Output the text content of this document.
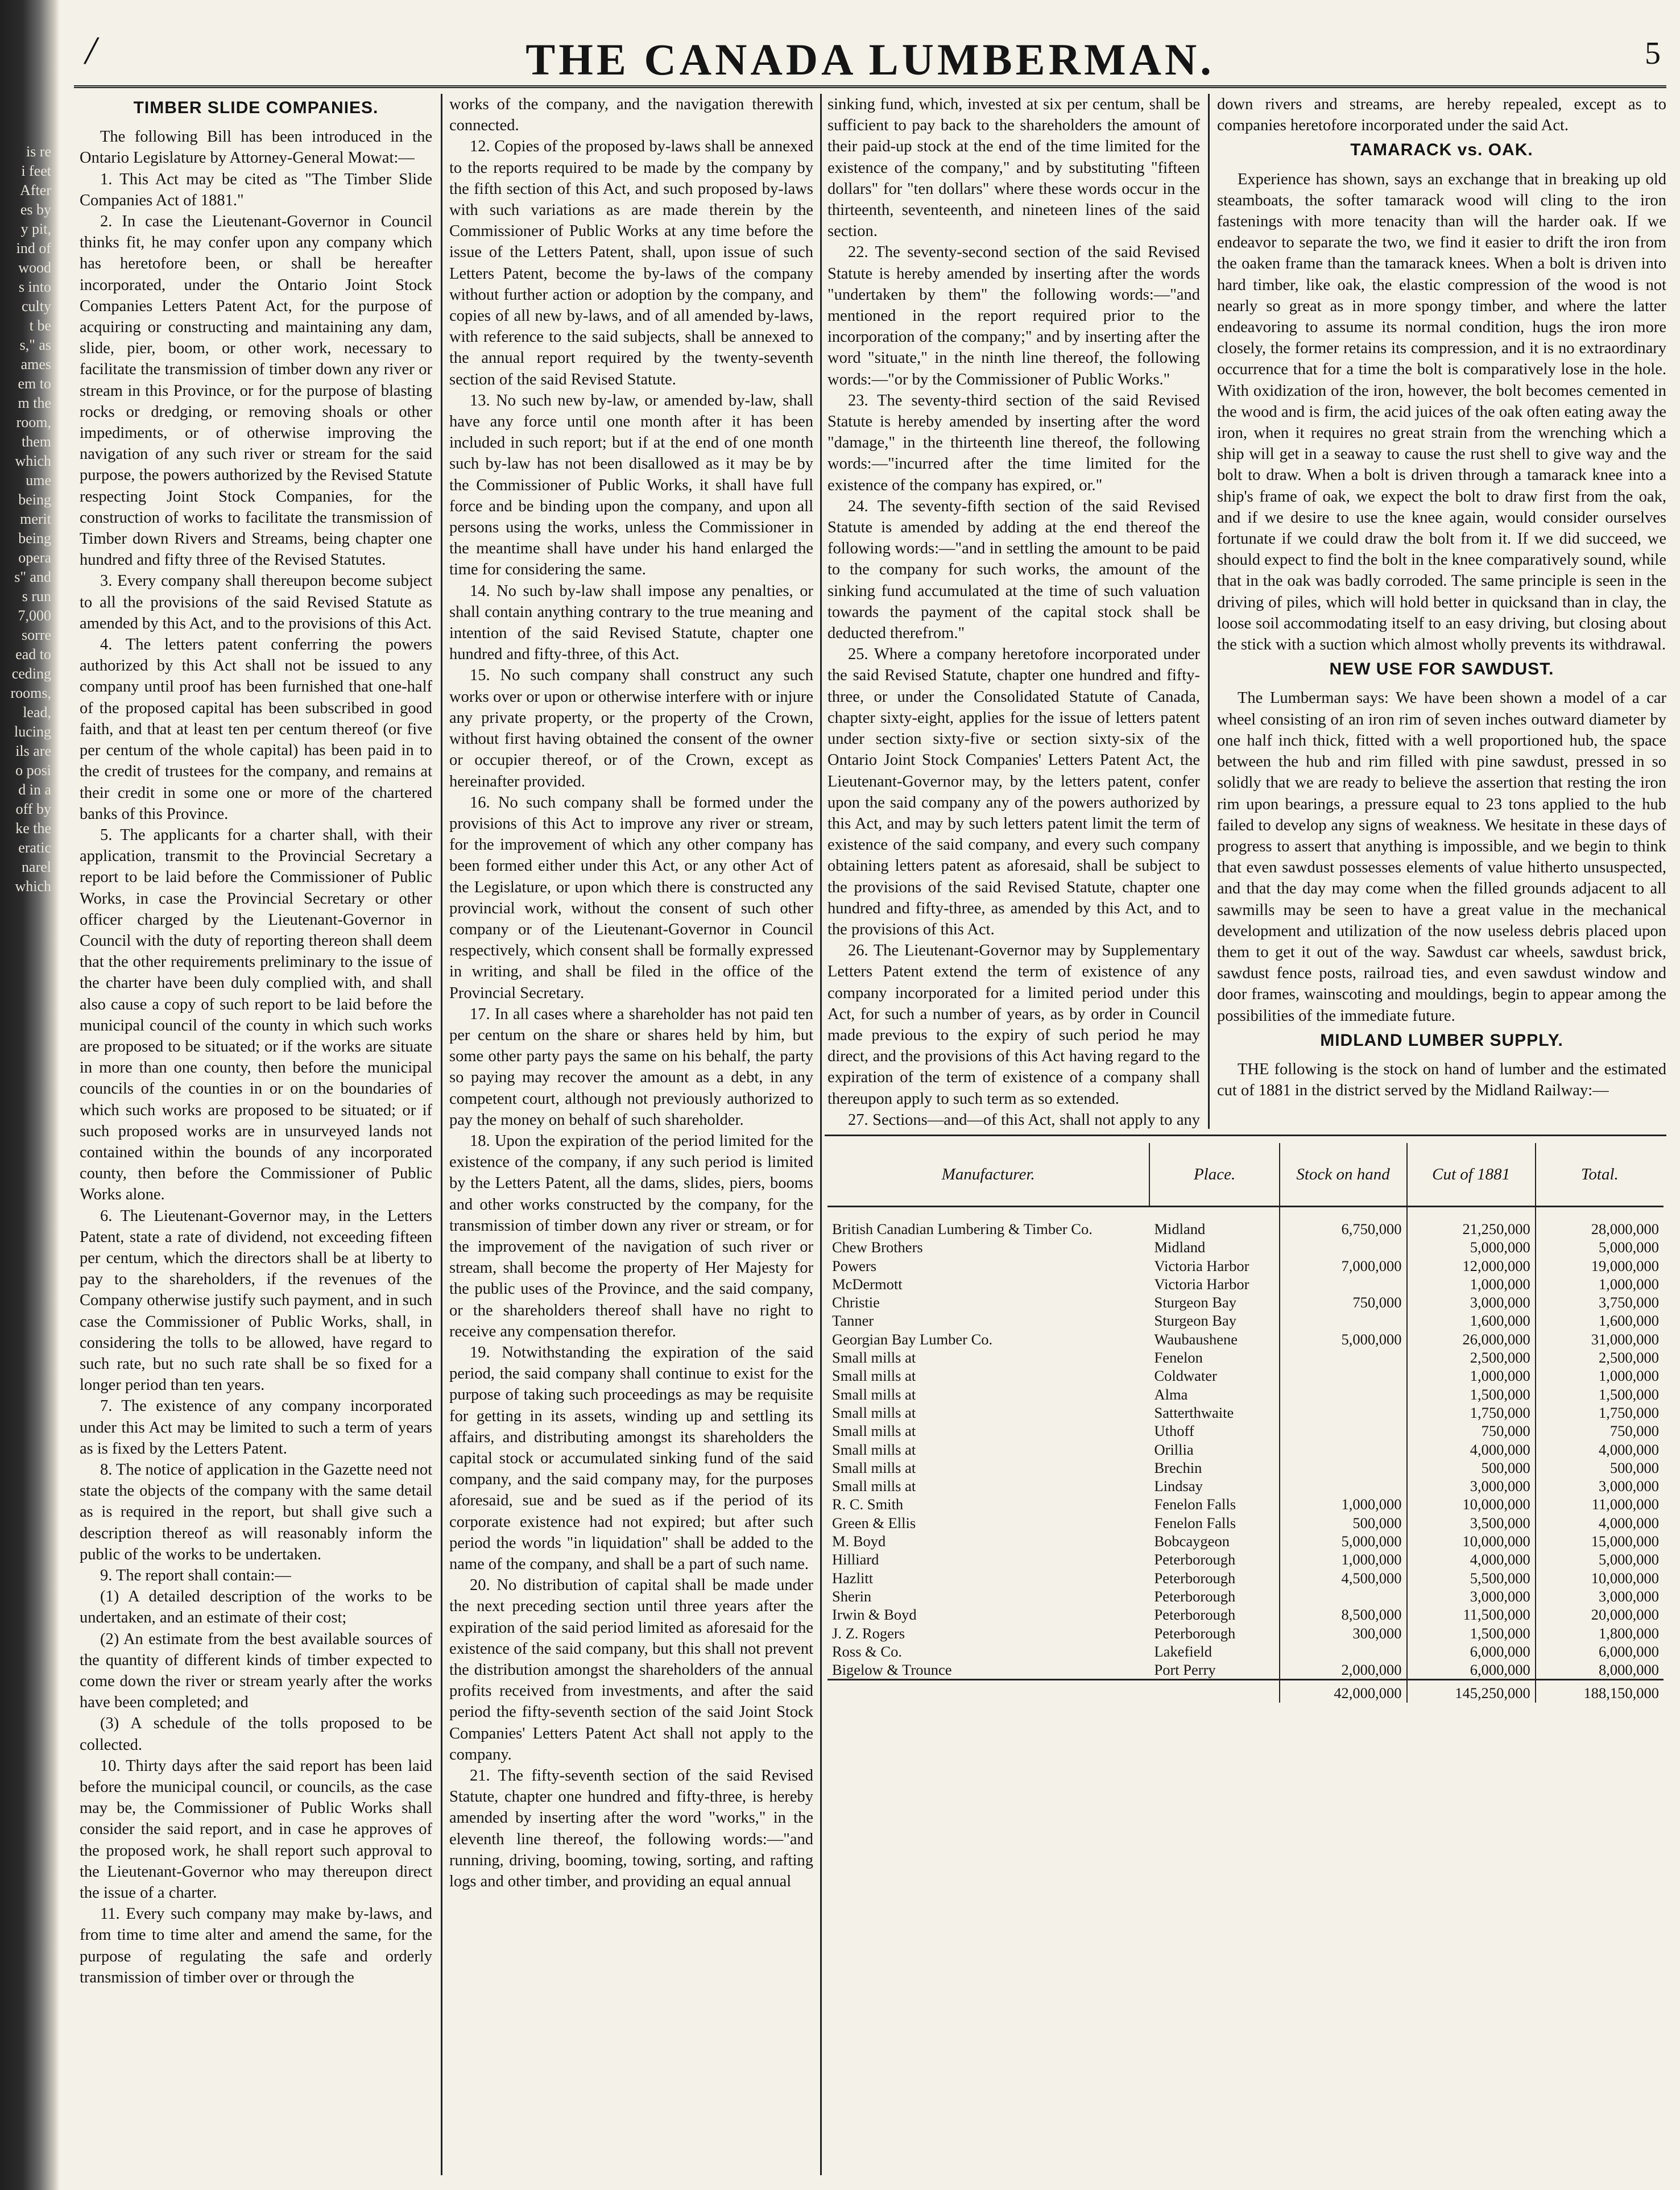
is re
i feet
After
es by
y pit,
ind of
wood
s into
culty
t be
s," as
ames
em to
m the
room,
them
which
ume
being
merit
being
opera
s" and
s run
7,000
sorre
ead to
ceding
rooms,
lead,
lucing
ils are
o posi
d in a
off by
ke the
eratic
narel
which
/	THE CANADA LUMBERMAN.	5
TIMBER SLIDE COMPANIES.

The following Bill has been introduced in the Ontario Legislature by Attorney-General Mowat:—

1. This Act may be cited as "The Timber Slide Companies Act of 1881."

2. In case the Lieutenant-Governor in Council thinks fit, he may confer upon any company which has heretofore been, or shall be hereafter incorporated, under the Ontario Joint Stock Companies Letters Patent Act, for the purpose of acquiring or constructing and maintaining any dam, slide, pier, boom, or other work, necessary to facilitate the transmission of timber down any river or stream in this Province, or for the purpose of blasting rocks or dredging, or removing shoals or other impediments, or of otherwise improving the navigation of any such river or stream for the said purpose, the powers authorized by the Revised Statute respecting Joint Stock Companies, for the construction of works to facilitate the transmission of Timber down Rivers and Streams, being chapter one hundred and fifty three of the Revised Statutes.

3. Every company shall thereupon become subject to all the provisions of the said Revised Statute as amended by this Act, and to the provisions of this Act.

4. The letters patent conferring the powers authorized by this Act shall not be issued to any company until proof has been furnished that one-half of the proposed capital has been subscribed in good faith, and that at least ten per centum thereof (or five per centum of the whole capital) has been paid in to the credit of trustees for the company, and remains at their credit in some one or more of the chartered banks of this Province.

5. The applicants for a charter shall, with their application, transmit to the Provincial Secretary a report to be laid before the Commissioner of Public Works, in case the Provincial Secretary or other officer charged by the Lieutenant-Governor in Council with the duty of reporting thereon shall deem that the other requirements preliminary to the issue of the charter have been duly complied with, and shall also cause a copy of such report to be laid before the municipal council of the county in which such works are proposed to be situated; or if the works are situate in more than one county, then before the municipal councils of the counties in or on the boundaries of which such works are proposed to be situated; or if such proposed works are in unsurveyed lands not contained within the bounds of any incorporated county, then before the Commissioner of Public Works alone.

6. The Lieutenant-Governor may, in the Letters Patent, state a rate of dividend, not exceeding fifteen per centum, which the directors shall be at liberty to pay to the shareholders, if the revenues of the Company otherwise justify such payment, and in such case the Commissioner of Public Works, shall, in considering the tolls to be allowed, have regard to such rate, but no such rate shall be so fixed for a longer period than ten years.

7. The existence of any company incorporated under this Act may be limited to such a term of years as is fixed by the Letters Patent.

8. The notice of application in the Gazette need not state the objects of the company with the same detail as is required in the report, but shall give such a description thereof as will reasonably inform the public of the works to be undertaken.

9. The report shall contain:—

(1) A detailed description of the works to be undertaken, and an estimate of their cost;

(2) An estimate from the best available sources of the quantity of different kinds of timber expected to come down the river or stream yearly after the works have been completed; and

(3) A schedule of the tolls proposed to be collected.

10. Thirty days after the said report has been laid before the municipal council, or councils, as the case may be, the Commissioner of Public Works shall consider the said report, and in case he approves of the proposed work, he shall report such approval to the Lieutenant-Governor who may thereupon direct the issue of a charter.

11. Every such company may make by-laws, and from time to time alter and amend the same, for the purpose of regulating the safe and orderly transmission of timber over or through the

works of the company, and the navigation therewith connected.

12. Copies of the proposed by-laws shall be annexed to the reports required to be made by the company by the fifth section of this Act, and such proposed by-laws with such variations as are made therein by the Commissioner of Public Works at any time before the issue of the Letters Patent, shall, upon issue of such Letters Patent, become the by-laws of the company without further action or adoption by the company, and copies of all new by-laws, and of all amended by-laws, with reference to the said subjects, shall be annexed to the annual report required by the twenty-seventh section of the said Revised Statute.

13. No such new by-law, or amended by-law, shall have any force until one month after it has been included in such report; but if at the end of one month such by-law has not been disallowed as it may be by the Commissioner of Public Works, it shall have full force and be binding upon the company, and upon all persons using the works, unless the Commissioner in the meantime shall have under his hand enlarged the time for considering the same.

14. No such by-law shall impose any penalties, or shall contain anything contrary to the true meaning and intention of the said Revised Statute, chapter one hundred and fifty-three, of this Act.

15. No such company shall construct any such works over or upon or otherwise interfere with or injure any private property, or the property of the Crown, without first having obtained the consent of the owner or occupier thereof, or of the Crown, except as hereinafter provided.

16. No such company shall be formed under the provisions of this Act to improve any river or stream, for the improvement of which any other company has been formed either under this Act, or any other Act of the Legislature, or upon which there is constructed any provincial work, without the consent of such other company or of the Lieutenant-Governor in Council respectively, which consent shall be formally expressed in writing, and shall be filed in the office of the Provincial Secretary.

17. In all cases where a shareholder has not paid ten per centum on the share or shares held by him, but some other party pays the same on his behalf, the party so paying may recover the amount as a debt, in any competent court, although not previously authorized to pay the money on behalf of such shareholder.

18. Upon the expiration of the period limited for the existence of the company, if any such period is limited by the Letters Patent, all the dams, slides, piers, booms and other works constructed by the company, for the transmission of timber down any river or stream, or for the improvement of the navigation of such river or stream, shall become the property of Her Majesty for the public uses of the Province, and the said company, or the shareholders thereof shall have no right to receive any compensation therefor.

19. Notwithstanding the expiration of the said period, the said company shall continue to exist for the purpose of taking such proceedings as may be requisite for getting in its assets, winding up and settling its affairs, and distributing amongst its shareholders the capital stock or accumulated sinking fund of the said company, and the said company may, for the purposes aforesaid, sue and be sued as if the period of its corporate existence had not expired; but after such period the words "in liquidation" shall be added to the name of the company, and shall be a part of such name.

20. No distribution of capital shall be made under the next preceding section until three years after the expiration of the said period limited as aforesaid for the existence of the said company, but this shall not prevent the distribution amongst the shareholders of the annual profits received from investments, and after the said period the fifty-seventh section of the said Joint Stock Companies' Letters Patent Act shall not apply to the company.

21. The fifty-seventh section of the said Revised Statute, chapter one hundred and fifty-three, is hereby amended by inserting after the word "works," in the eleventh line thereof, the following words:—"and running, driving, booming, towing, sorting, and rafting logs and other timber, and providing an equal annual

sinking fund, which, invested at six per centum, shall be sufficient to pay back to the shareholders the amount of their paid-up stock at the end of the time limited for the existence of the company," and by substituting "fifteen dollars" for "ten dollars" where these words occur in the thirteenth, seventeenth, and nineteen lines of the said section.

22. The seventy-second section of the said Revised Statute is hereby amended by inserting after the words "undertaken by them" the following words:—"and mentioned in the report required prior to the incorporation of the company;" and by inserting after the word "situate," in the ninth line thereof, the following words:—"or by the Commissioner of Public Works."

23. The seventy-third section of the said Revised Statute is hereby amended by inserting after the word "damage," in the thirteenth line thereof, the following words:—"incurred after the time limited for the existence of the company has expired, or."

24. The seventy-fifth section of the said Revised Statute is amended by adding at the end thereof the following words:—"and in settling the amount to be paid to the company for such works, the amount of the sinking fund accumulated at the time of such valuation towards the payment of the capital stock shall be deducted therefrom."

25. Where a company heretofore incorporated under the said Revised Statute, chapter one hundred and fifty-three, or under the Consolidated Statute of Canada, chapter sixty-eight, applies for the issue of letters patent under section sixty-five or section sixty-six of the Ontario Joint Stock Companies' Letters Patent Act, the Lieutenant-Governor may, by the letters patent, confer upon the said company any of the powers authorized by this Act, and may by such letters patent limit the term of existence of the said company, and every such company obtaining letters patent as aforesaid, shall be subject to the provisions of the said Revised Statute, chapter one hundred and fifty-three, as amended by this Act, and to the provisions of this Act.

26. The Lieutenant-Governor may by Supplementary Letters Patent extend the term of existence of any company incorporated for a limited period under this Act, for such a number of years, as by order in Council made previous to the expiry of such period he may direct, and the provisions of this Act having regard to the expiration of the term of existence of a company shall thereupon apply to such term as so extended.

27. Sections—and—of this Act, shall not apply to any

down rivers and streams, are hereby repealed, except as to companies heretofore incorporated under the said Act.

TAMARACK vs. OAK.

Experience has shown, says an exchange that in breaking up old steamboats, the softer tamarack wood will cling to the iron fastenings with more tenacity than will the harder oak. If we endeavor to separate the two, we find it easier to drift the iron from the oaken frame than the tamarack knees. When a bolt is driven into hard timber, like oak, the elastic compression of the wood is not nearly so great as in more spongy timber, and where the latter endeavoring to assume its normal condition, hugs the iron more closely, the former retains its compression, and it is no extraordinary occurrence that for a time the bolt is comparatively lose in the hole. With oxidization of the iron, however, the bolt becomes cemented in the wood and is firm, the acid juices of the oak often eating away the iron, when it requires no great strain from the wrenching which a ship will get in a seaway to cause the rust shell to give way and the bolt to draw. When a bolt is driven through a tamarack knee into a ship's frame of oak, we expect the bolt to draw first from the oak, and if we desire to use the knee again, would consider ourselves fortunate if we could draw the bolt from it. If we did succeed, we should expect to find the bolt in the knee comparatively sound, while that in the oak was badly corroded. The same principle is seen in the driving of piles, which will hold better in quicksand than in clay, the loose soil accommodating itself to an easy driving, but closing about the stick with a suction which almost wholly prevents its withdrawal.

NEW USE FOR SAWDUST.

The Lumberman says: We have been shown a model of a car wheel consisting of an iron rim of seven inches outward diameter by one half inch thick, fitted with a well proportioned hub, the space between the hub and rim filled with pine sawdust, pressed in so solidly that we are ready to believe the assertion that resting the iron rim upon bearings, a pressure equal to 23 tons applied to the hub failed to develop any signs of weakness. We hesitate in these days of progress to assert that anything is impossible, and we begin to think that even sawdust possesses elements of value hitherto unsuspected, and that the day may come when the filled grounds adjacent to all sawmills may be seen to have a great value in the mechanical development and utilization of the now useless debris placed upon them to get it out of the way. Sawdust car wheels, sawdust brick, sawdust fence posts, railroad ties, and even sawdust window and door frames, wainscoting and mouldings, begin to appear among the possibilities of the immediate future.

MIDLAND LUMBER SUPPLY.

THE following is the stock on hand of lumber and the estimated cut of 1881 in the district served by the Midland Railway:—

Manufacturer.	Place.	Stock on hand	Cut of 1881	Total.
British Canadian Lumbering & Timber Co.	Midland	6,750,000	21,250,000	28,000,000
Chew Brothers	Midland		5,000,000	5,000,000
Powers	Victoria Harbor	7,000,000	12,000,000	19,000,000
McDermott	Victoria Harbor		1,000,000	1,000,000
Christie	Sturgeon Bay	750,000	3,000,000	3,750,000
Tanner	Sturgeon Bay		1,600,000	1,600,000
Georgian Bay Lumber Co.	Waubaushene	5,000,000	26,000,000	31,000,000
Small mills at	Fenelon		2,500,000	2,500,000
Small mills at	Coldwater		1,000,000	1,000,000
Small mills at	Alma		1,500,000	1,500,000
Small mills at	Satterthwaite		1,750,000	1,750,000
Small mills at	Uthoff		750,000	750,000
Small mills at	Orillia		4,000,000	4,000,000
Small mills at	Brechin		500,000	500,000
Small mills at	Lindsay		3,000,000	3,000,000
R. C. Smith	Fenelon Falls	1,000,000	10,000,000	11,000,000
Green & Ellis	Fenelon Falls	500,000	3,500,000	4,000,000
M. Boyd	Bobcaygeon	5,000,000	10,000,000	15,000,000
Hilliard	Peterborough	1,000,000	4,000,000	5,000,000
Hazlitt	Peterborough	4,500,000	5,500,000	10,000,000
Sherin	Peterborough		3,000,000	3,000,000
Irwin & Boyd	Peterborough	8,500,000	11,500,000	20,000,000
J. Z. Rogers	Peterborough	300,000	1,500,000	1,800,000
Ross & Co.	Lakefield		6,000,000	6,000,000
Bigelow & Trounce	Port Perry	2,000,000	6,000,000	8,000,000
		42,000,000	145,250,000	188,150,000
